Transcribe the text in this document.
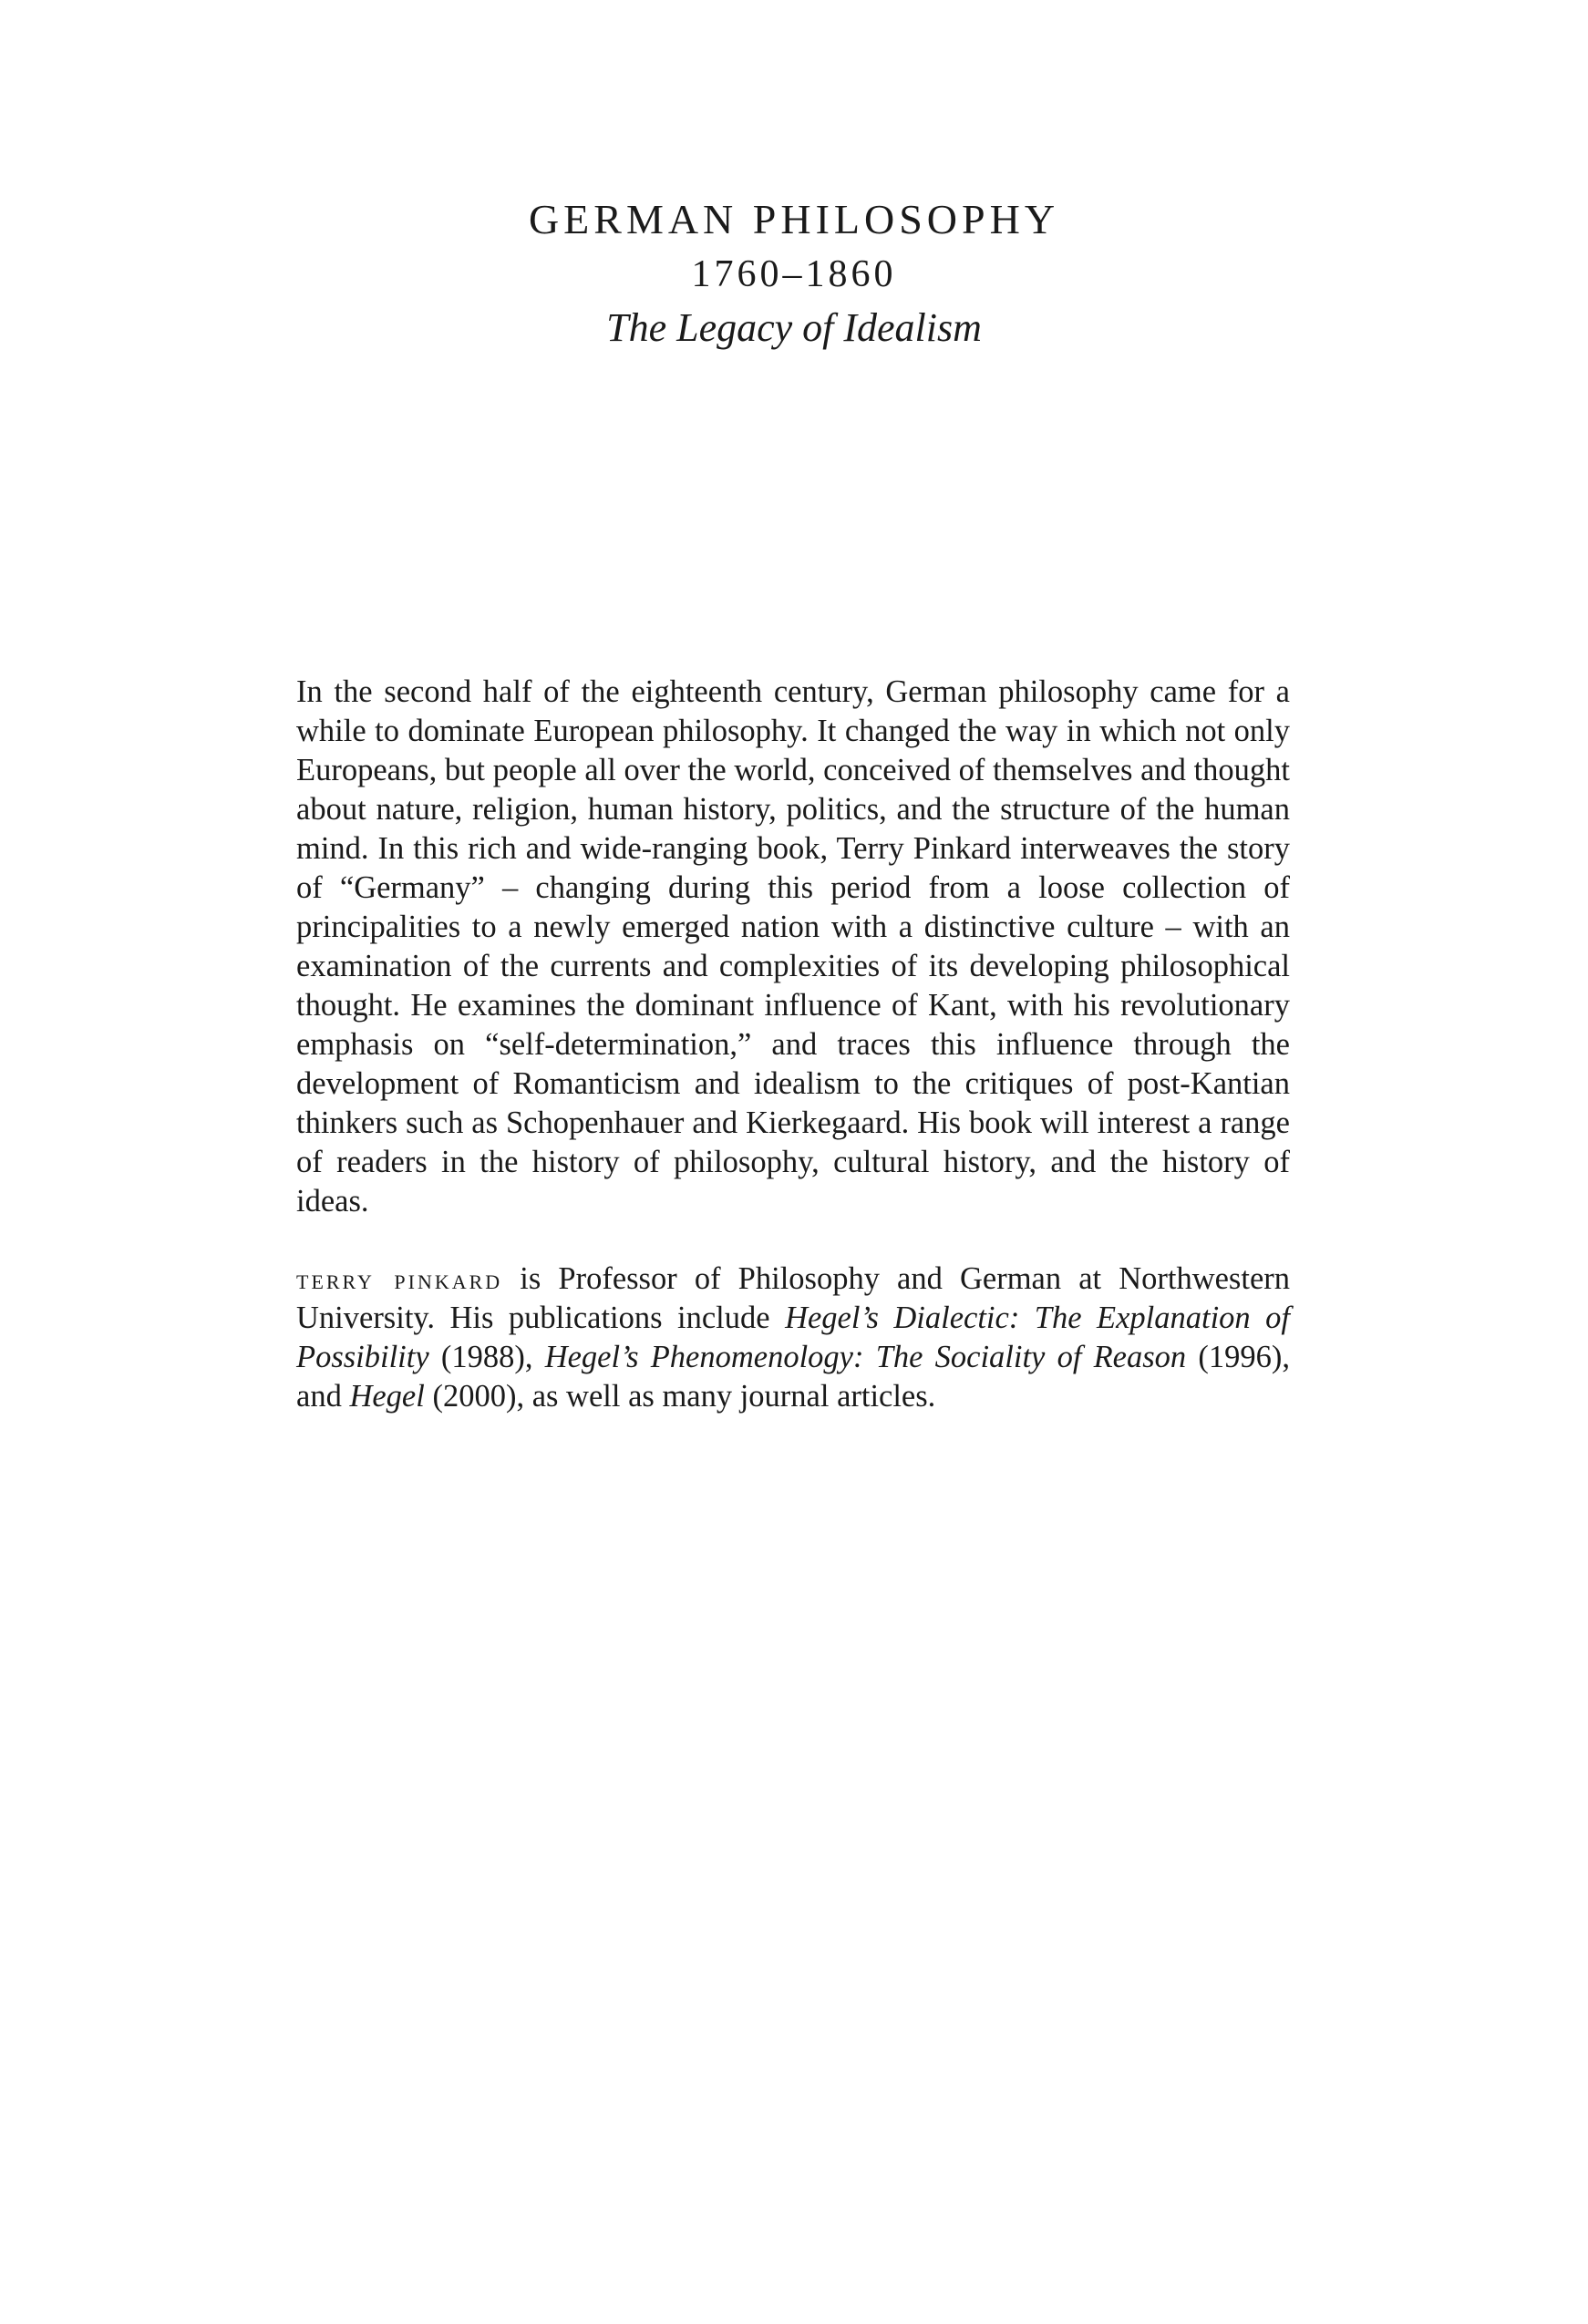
GERMAN PHILOSOPHY
1760–1860
The Legacy of Idealism

In the second half of the eighteenth century, German philosophy came for a while to dominate European philosophy. It changed the way in which not only Europeans, but people all over the world, conceived of themselves and thought about nature, religion, human history, politics, and the structure of the human mind. In this rich and wide-ranging book, Terry Pinkard interweaves the story of “Germany” – changing during this period from a loose collection of principalities to a newly emerged nation with a distinctive culture – with an examination of the currents and complexities of its developing philosophical thought. He examines the dominant influence of Kant, with his revolutionary emphasis on “self-determination,” and traces this influence through the development of Romanticism and idealism to the critiques of post-Kantian thinkers such as Schopenhauer and Kierkegaard. His book will interest a range of readers in the history of philosophy, cultural history, and the history of ideas.

terry pinkard is Professor of Philosophy and German at Northwestern University. His publications include Hegel’s Dialectic: The Explanation of Possibility (1988), Hegel’s Phenomenology: The Sociality of Reason (1996), and Hegel (2000), as well as many journal articles.
